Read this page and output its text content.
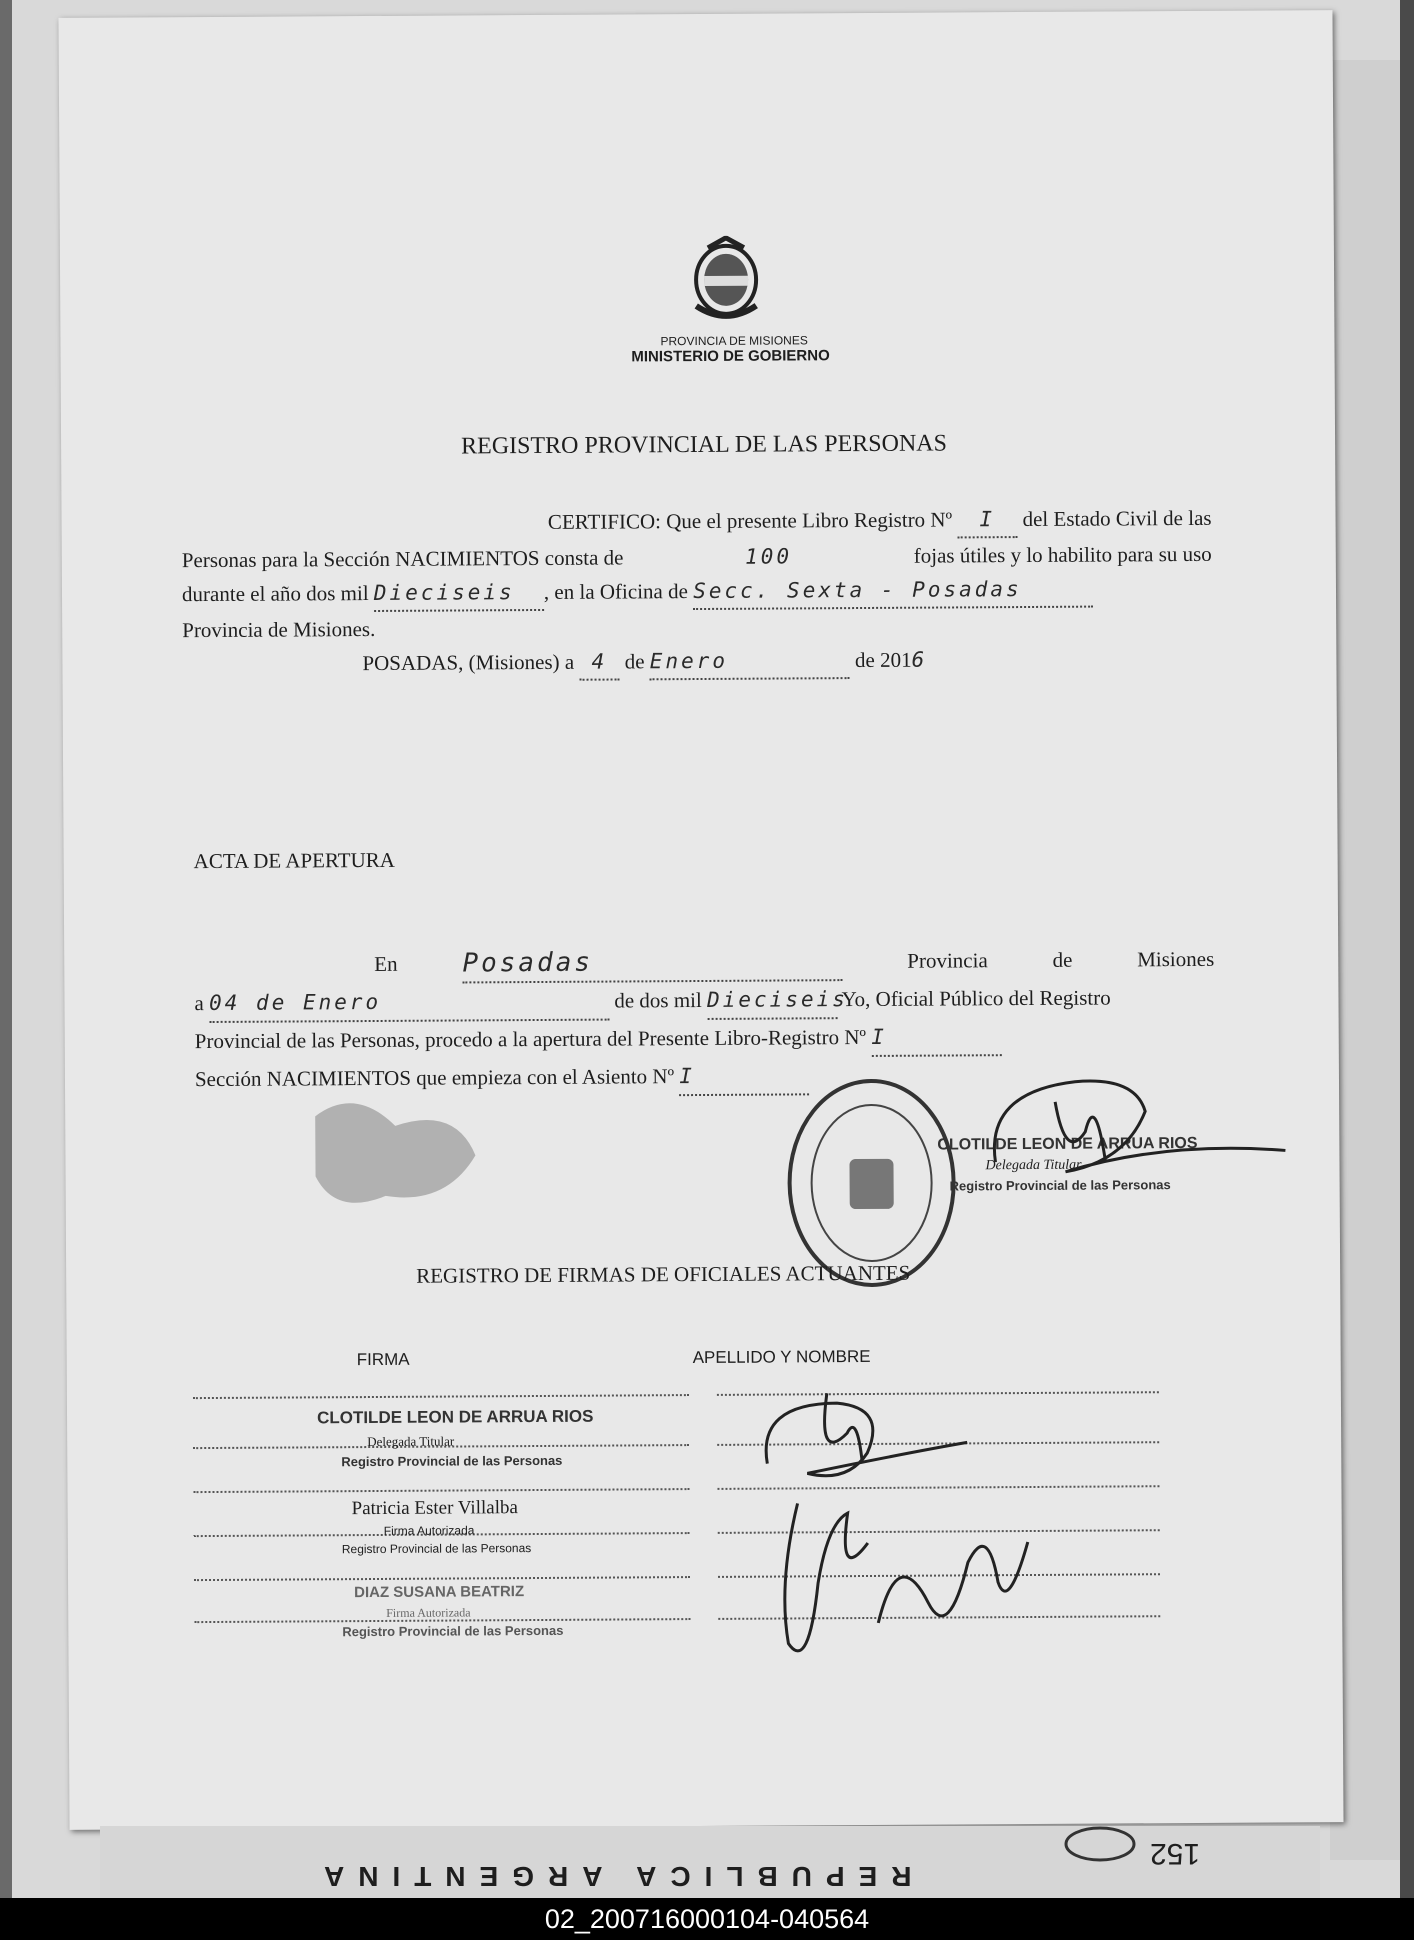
PROVINCIA DE MISIONES
MINISTERIO DE GOBIERNO
REGISTRO PROVINCIAL DE LAS PERSONAS
CERTIFICO: Que el presente Libro Registro Nº I del Estado Civil de las
Personas para la Sección NACIMIENTOS consta de	100	fojas útiles y lo habilito para su uso
durante el año dos mil Dieciseis , en la Oficina de Secc. Sexta - Posadas
Provincia de Misiones.
POSADAS, (Misiones) a 4 de Enero	de 2016
ACTA DE APERTURA
En Posadas	Provincia	de	Misiones
a 04 de Enero	de dos mil Dieciseis Yo, Oficial Público del Registro
Provincial de las Personas, procedo a la apertura del Presente Libro-Registro Nº I
Sección NACIMIENTOS que empieza con el Asiento Nº I
CLOTILDE LEON DE ARRUA RIOS
Delegada Titular
Registro Provincial de las Personas
REGISTRO DE FIRMAS DE OFICIALES ACTUANTES
FIRMA	APELLIDO Y NOMBRE
CLOTILDE LEON DE ARRUA RIOS
Delegada Titular
Registro Provincial de las Personas
Patricia Ester Villalba
Firma Autorizada
Registro Provincial de las Personas
DIAZ SUSANA BEATRIZ
Firma Autorizada
Registro Provincial de las Personas
REPUBLICA ARGENTINA
152
02_200716000104-040564
